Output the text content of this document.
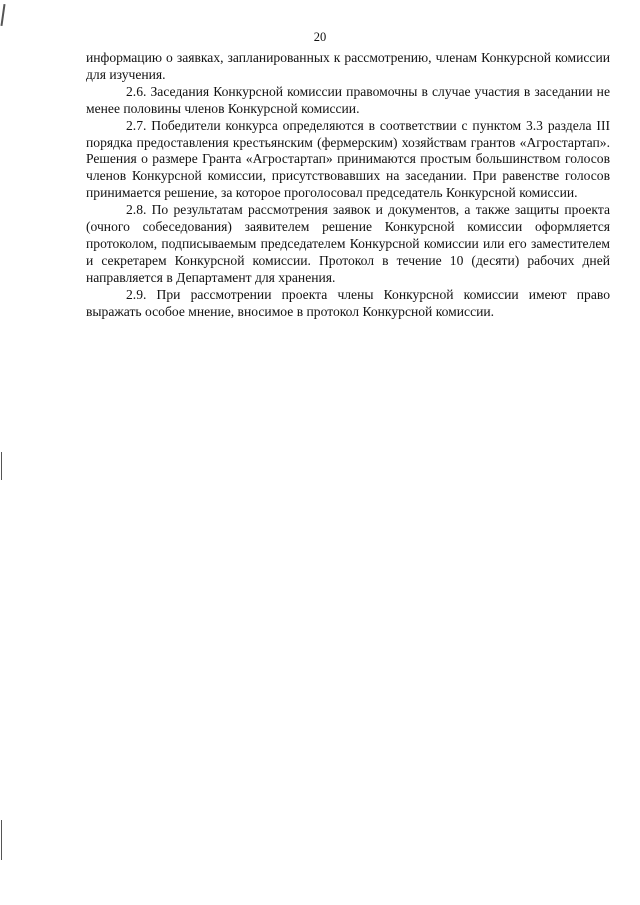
20

информацию о заявках, запланированных к рассмотрению, членам Конкурсной комиссии для изучения.

2.6. Заседания Конкурсной комиссии правомочны в случае участия в заседании не менее половины членов Конкурсной комиссии.

2.7. Победители конкурса определяются в соответствии с пунктом 3.3 раздела III порядка предоставления крестьянским (фермерским) хозяйствам грантов «Агростартап». Решения о размере Гранта «Агростартап» принимаются простым большинством голосов членов Конкурсной комиссии, присутствовавших на заседании. При равенстве голосов принимается решение, за которое проголосовал председатель Конкурсной комиссии.

2.8. По результатам рассмотрения заявок и документов, а также защиты проекта (очного собеседования) заявителем решение Конкурсной комиссии оформляется протоколом, подписываемым председателем Конкурсной комиссии или его заместителем и секретарем Конкурсной комиссии. Протокол в течение 10 (десяти) рабочих дней направляется в Департамент для хранения.

2.9. При рассмотрении проекта члены Конкурсной комиссии имеют право выражать особое мнение, вносимое в протокол Конкурсной комиссии.
